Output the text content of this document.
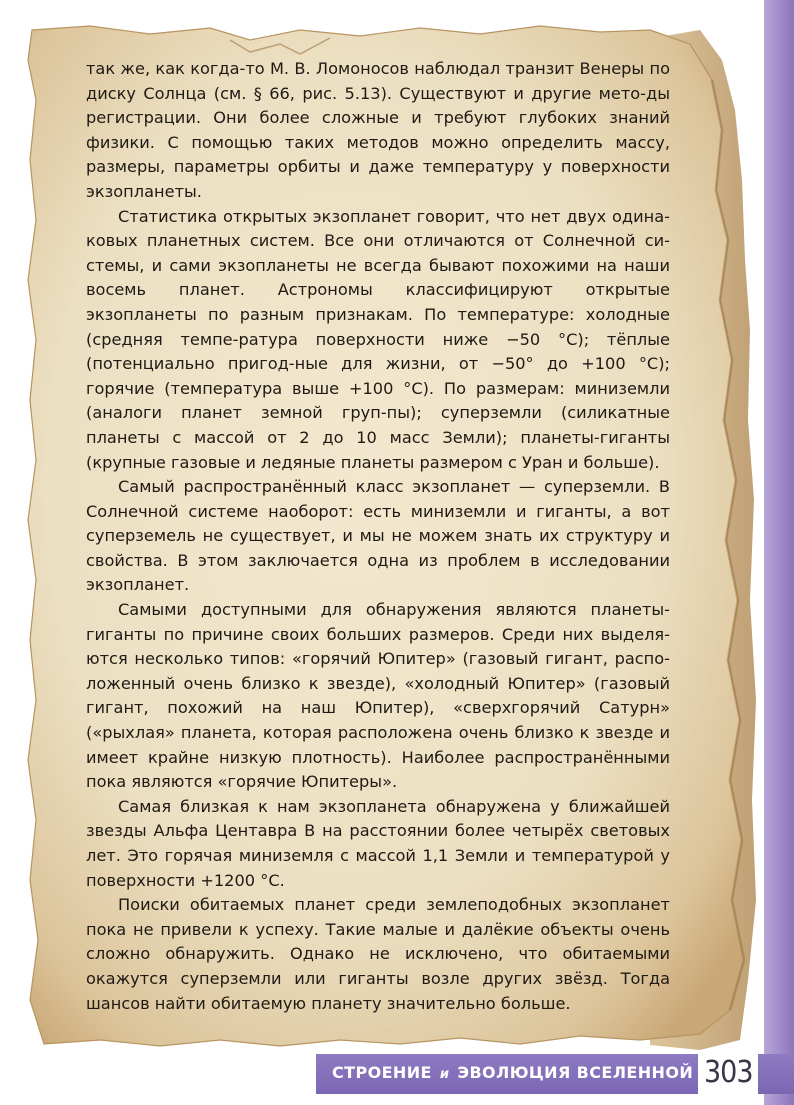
так же, как когда-то М. В. Ломоносов наблюдал транзит Венеры по диску Солнца (см. § 66, рис. 5.13). Существуют и другие мето-ды регистрации. Они более сложные и требуют глубоких знаний физики. С помощью таких методов можно определить массу, размеры, параметры орбиты и даже температуру у поверхности экзопланеты.

Статистика открытых экзопланет говорит, что нет двух одина-ковых планетных систем. Все они отличаются от Солнечной си-стемы, и сами экзопланеты не всегда бывают похожими на наши восемь планет. Астрономы классифицируют открытые экзопланеты по разным признакам. По температуре: холодные (средняя темпе-ратура поверхности ниже −50 °C); тёплые (потенциально пригод-ные для жизни, от −50° до +100 °C); горячие (температура выше +100 °C). По размерам: миниземли (аналоги планет земной груп-пы); суперземли (силикатные планеты с массой от 2 до 10 масс Земли); планеты-гиганты (крупные газовые и ледяные планеты размером с Уран и больше).

Самый распространённый класс экзопланет — суперземли. В Солнечной системе наоборот: есть миниземли и гиганты, а вот суперземель не существует, и мы не можем знать их структуру и свойства. В этом заключается одна из проблем в исследовании экзопланет.

Самыми доступными для обнаружения являются планеты-гиганты по причине своих больших размеров. Среди них выделя-ются несколько типов: «горячий Юпитер» (газовый гигант, распо-ложенный очень близко к звезде), «холодный Юпитер» (газовый гигант, похожий на наш Юпитер), «сверхгорячий Сатурн» («рыхлая» планета, которая расположена очень близко к звезде и имеет крайне низкую плотность). Наиболее распространёнными пока являются «горячие Юпитеры».

Самая близкая к нам экзопланета обнаружена у ближайшей звезды Альфа Центавра В на расстоянии более четырёх световых лет. Это горячая миниземля с массой 1,1 Земли и температурой у поверхности +1200 °C.

Поиски обитаемых планет среди землеподобных экзопланет пока не привели к успеху. Такие малые и далёкие объекты очень сложно обнаружить. Однако не исключено, что обитаемыми окажутся суперземли или гиганты возле других звёзд. Тогда шансов найти обитаемую планету значительно больше.

СТРОЕНИЕ и ЭВОЛЮЦИЯ ВСЕЛЕННОЙ 303
